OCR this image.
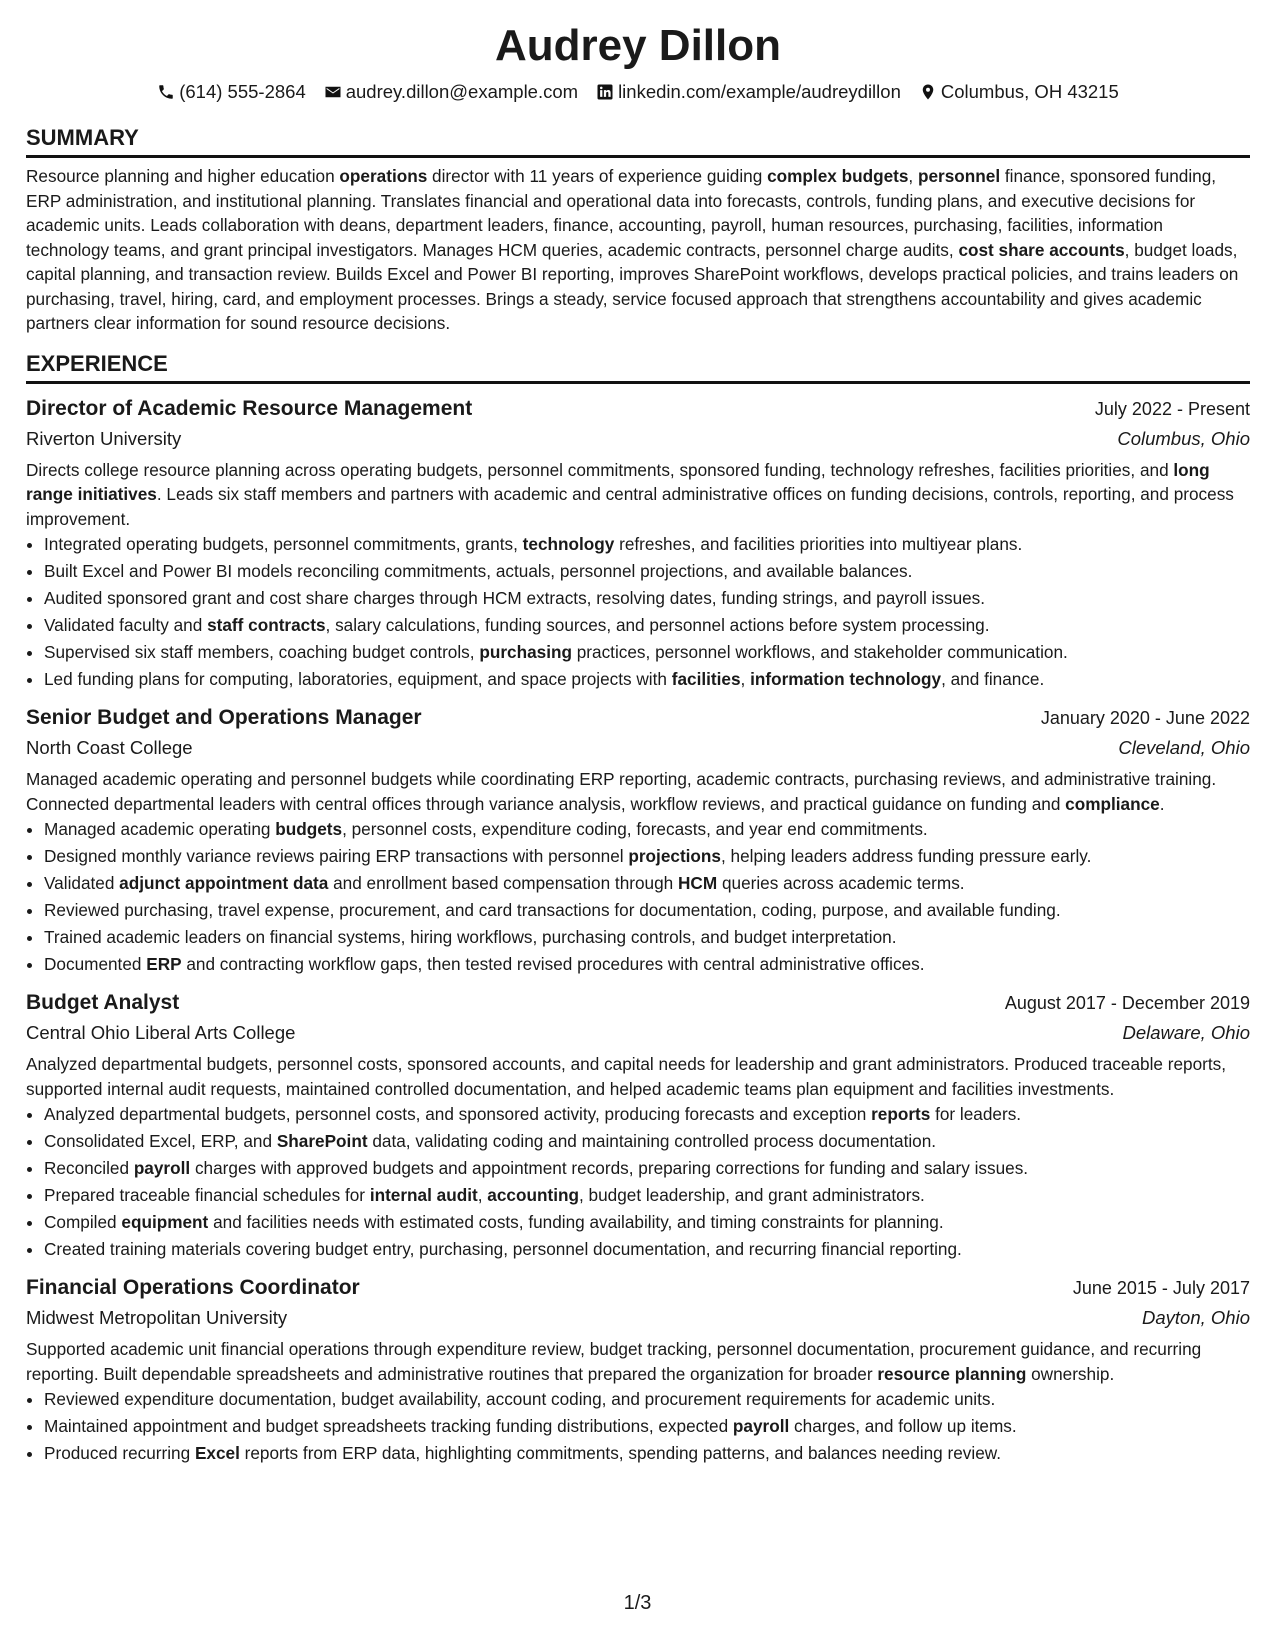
Audrey Dillon
(614) 555-2864 audrey.dillon@example.com linkedin.com/example/audreydillon Columbus, OH 43215
SUMMARY

Resource planning and higher education operations director with 11 years of experience guiding complex budgets, personnel finance, sponsored funding, ERP administration, and institutional planning. Translates financial and operational data into forecasts, controls, funding plans, and executive decisions for academic units. Leads collaboration with deans, department leaders, finance, accounting, payroll, human resources, purchasing, facilities, information technology teams, and grant principal investigators. Manages HCM queries, academic contracts, personnel charge audits, cost share accounts, budget loads, capital planning, and transaction review. Builds Excel and Power BI reporting, improves SharePoint workflows, develops practical policies, and trains leaders on purchasing, travel, hiring, card, and employment processes. Brings a steady, service focused approach that strengthens accountability and gives academic partners clear information for sound resource decisions.

EXPERIENCE
Director of Academic Resource Management	July 2022 - Present
Riverton University	Columbus, Ohio

Directs college resource planning across operating budgets, personnel commitments, sponsored funding, technology refreshes, facilities priorities, and long range initiatives. Leads six staff members and partners with academic and central administrative offices on funding decisions, controls, reporting, and process improvement.

• Integrated operating budgets, personnel commitments, grants, technology refreshes, and facilities priorities into multiyear plans.
• Built Excel and Power BI models reconciling commitments, actuals, personnel projections, and available balances.
• Audited sponsored grant and cost share charges through HCM extracts, resolving dates, funding strings, and payroll issues.
• Validated faculty and staff contracts, salary calculations, funding sources, and personnel actions before system processing.
• Supervised six staff members, coaching budget controls, purchasing practices, personnel workflows, and stakeholder communication.
• Led funding plans for computing, laboratories, equipment, and space projects with facilities, information technology, and finance.
Senior Budget and Operations Manager	January 2020 - June 2022
North Coast College	Cleveland, Ohio

Managed academic operating and personnel budgets while coordinating ERP reporting, academic contracts, purchasing reviews, and administrative training. Connected departmental leaders with central offices through variance analysis, workflow reviews, and practical guidance on funding and compliance.

• Managed academic operating budgets, personnel costs, expenditure coding, forecasts, and year end commitments.
• Designed monthly variance reviews pairing ERP transactions with personnel projections, helping leaders address funding pressure early.
• Validated adjunct appointment data and enrollment based compensation through HCM queries across academic terms.
• Reviewed purchasing, travel expense, procurement, and card transactions for documentation, coding, purpose, and available funding.
• Trained academic leaders on financial systems, hiring workflows, purchasing controls, and budget interpretation.
• Documented ERP and contracting workflow gaps, then tested revised procedures with central administrative offices.
Budget Analyst	August 2017 - December 2019
Central Ohio Liberal Arts College	Delaware, Ohio

Analyzed departmental budgets, personnel costs, sponsored accounts, and capital needs for leadership and grant administrators. Produced traceable reports, supported internal audit requests, maintained controlled documentation, and helped academic teams plan equipment and facilities investments.

• Analyzed departmental budgets, personnel costs, and sponsored activity, producing forecasts and exception reports for leaders.
• Consolidated Excel, ERP, and SharePoint data, validating coding and maintaining controlled process documentation.
• Reconciled payroll charges with approved budgets and appointment records, preparing corrections for funding and salary issues.
• Prepared traceable financial schedules for internal audit, accounting, budget leadership, and grant administrators.
• Compiled equipment and facilities needs with estimated costs, funding availability, and timing constraints for planning.
• Created training materials covering budget entry, purchasing, personnel documentation, and recurring financial reporting.
Financial Operations Coordinator	June 2015 - July 2017
Midwest Metropolitan University	Dayton, Ohio

Supported academic unit financial operations through expenditure review, budget tracking, personnel documentation, procurement guidance, and recurring reporting. Built dependable spreadsheets and administrative routines that prepared the organization for broader resource planning ownership.

• Reviewed expenditure documentation, budget availability, account coding, and procurement requirements for academic units.
• Maintained appointment and budget spreadsheets tracking funding distributions, expected payroll charges, and follow up items.
• Produced recurring Excel reports from ERP data, highlighting commitments, spending patterns, and balances needing review.
1/3
